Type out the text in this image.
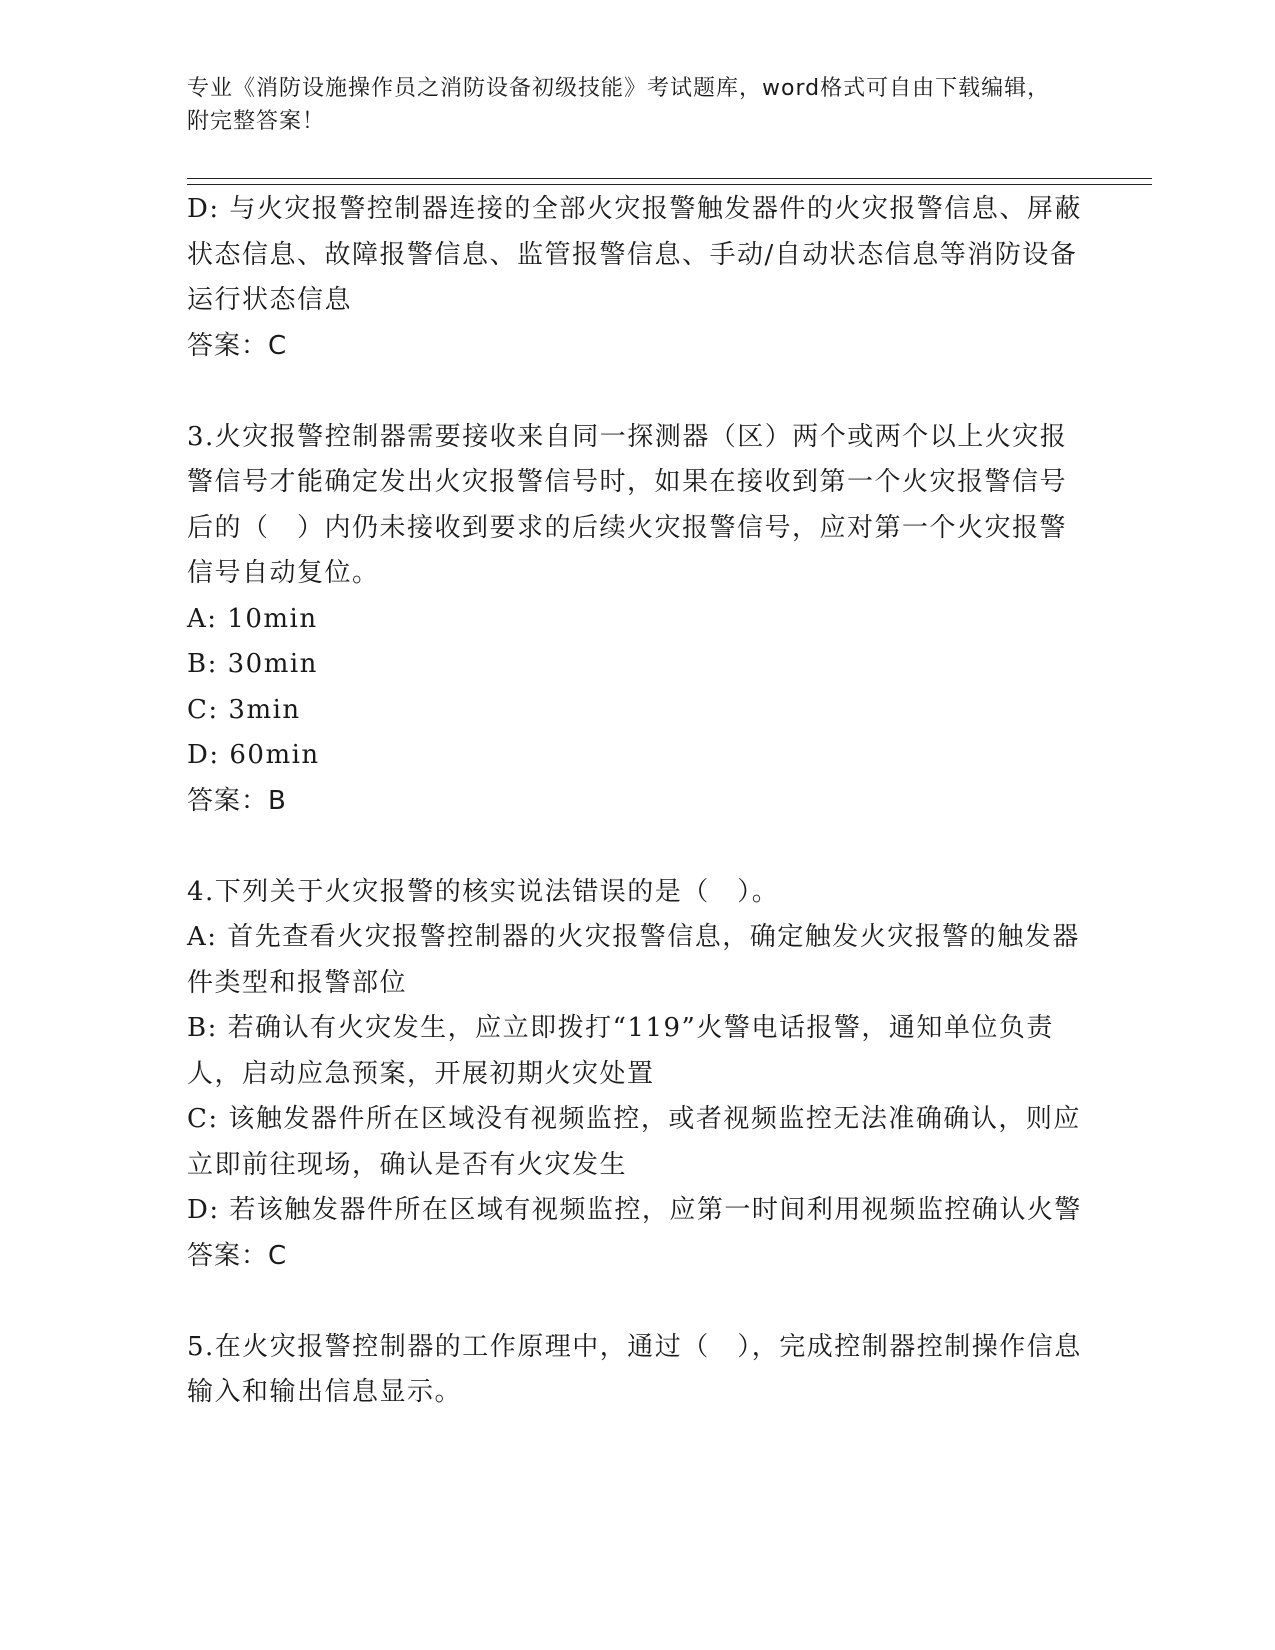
专业《消防设施操作员之消防设备初级技能》考试题库，word格式可自由下载编辑，附完整答案！

D: 与火灾报警控制器连接的全部火灾报警触发器件的火灾报警信息、屏蔽状态信息、故障报警信息、监管报警信息、手动/自动状态信息等消防设备运行状态信息

答案：C

3.火灾报警控制器需要接收来自同一探测器（区）两个或两个以上火灾报警信号才能确定发出火灾报警信号时，如果在接收到第一个火灾报警信号后的（　）内仍未接收到要求的后续火灾报警信号，应对第一个火灾报警信号自动复位。

A: 10min

B: 30min

C: 3min

D: 60min

答案：B

4.下列关于火灾报警的核实说法错误的是（　）。

A: 首先查看火灾报警控制器的火灾报警信息，确定触发火灾报警的触发器件类型和报警部位

B: 若确认有火灾发生，应立即拨打“119”火警电话报警，通知单位负责人，启动应急预案，开展初期火灾处置

C: 该触发器件所在区域没有视频监控，或者视频监控无法准确确认，则应立即前往现场，确认是否有火灾发生

D: 若该触发器件所在区域有视频监控，应第一时间利用视频监控确认火警

答案：C

5.在火灾报警控制器的工作原理中，通过（　），完成控制器控制操作信息输入和输出信息显示。
